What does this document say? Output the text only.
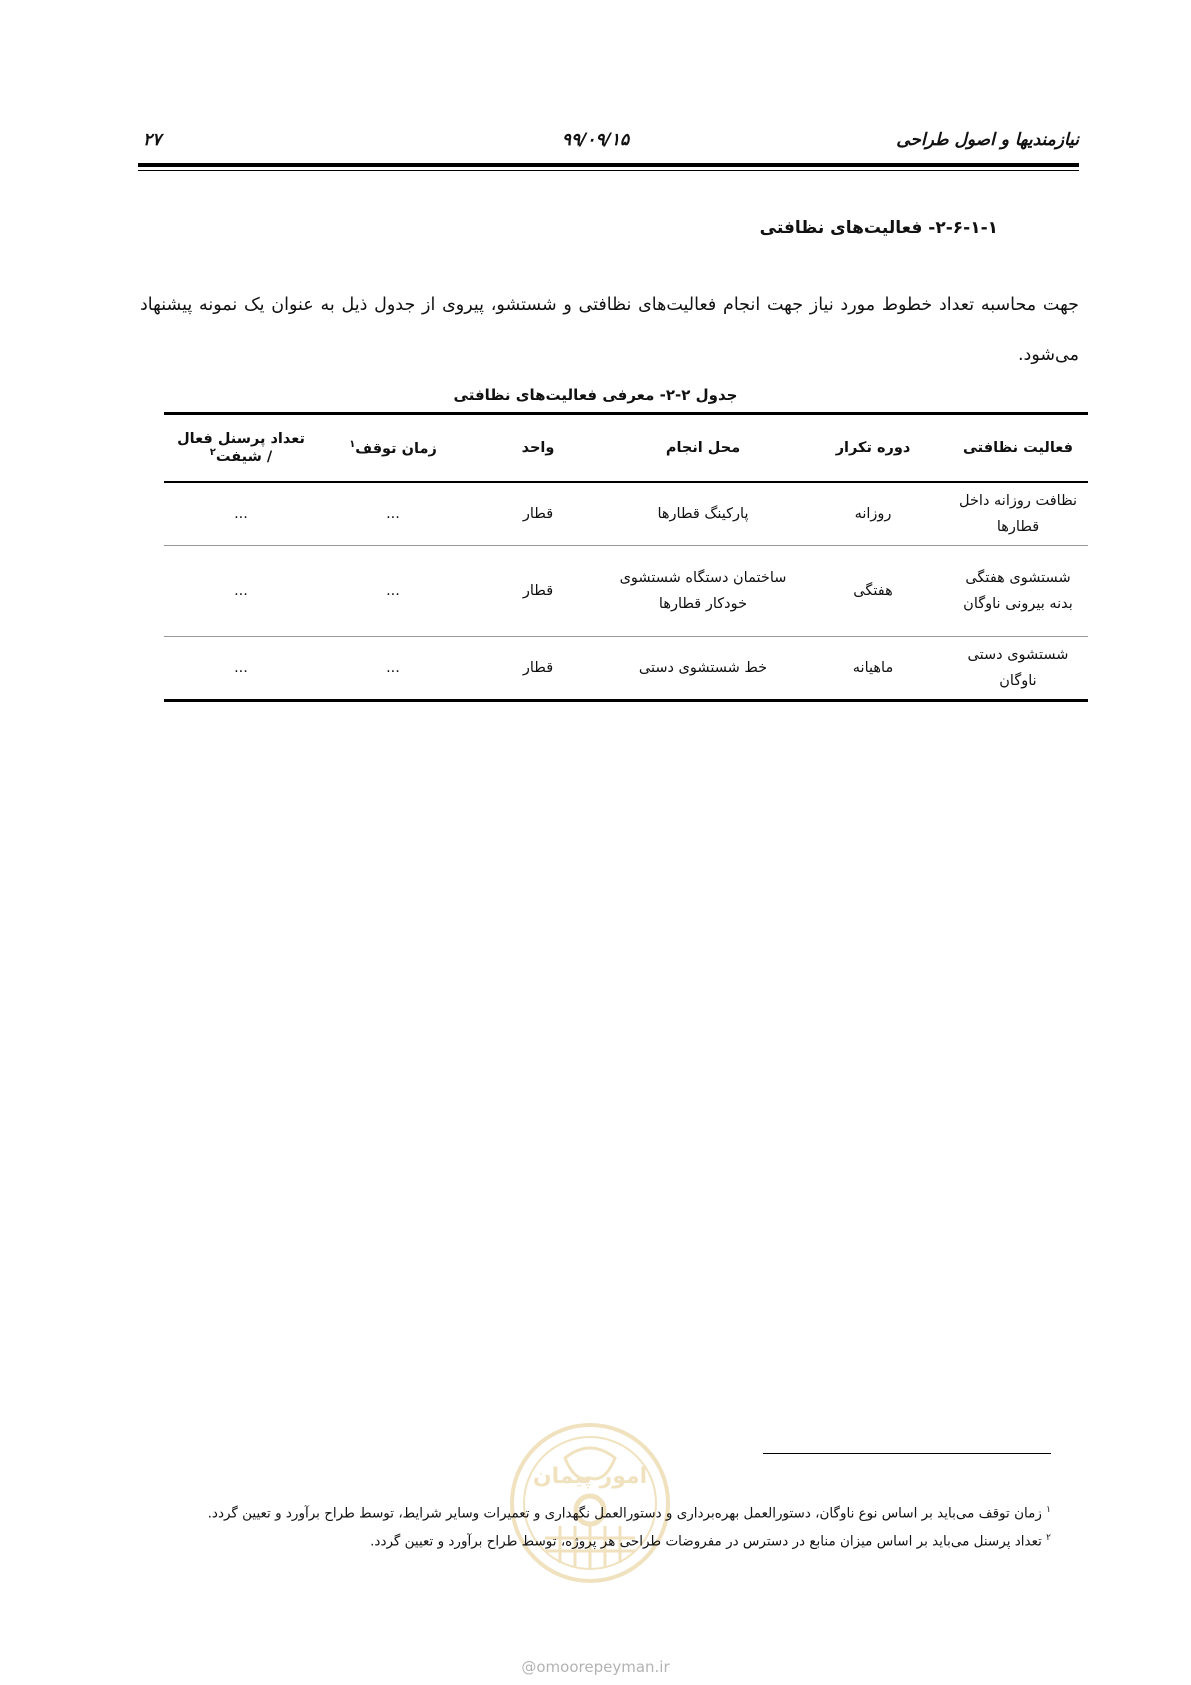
نیازمندیها و اصول طراحی
۹۹/۰۹/۱۵
۲۷
۲-۶-۱-۱- فعالیت‌های نظافتی

جهت محاسبه تعداد خطوط مورد نیاز جهت انجام فعالیت‌های نظافتی و شستشو، پیروی از جدول ذیل به عنوان یک نمونه پیشنهاد می‌شود.

جدول ۲-۲- معرفی فعالیت‌های نظافتی
فعالیت نظافتی	دوره تکرار	محل انجام	واحد	زمان توقف$^۱$	تعداد پرسنل فعال / شیفت$^۲$
نظافت روزانه داخل قطارها	روزانه	پارکینگ قطارها	قطار	...	...
شستشوی هفتگی بدنه بیرونی ناوگان	هفتگی	ساختمان دستگاه شستشوی خودکار قطارها	قطار	...	...
شستشوی دستی ناوگان	ماهیانه	خط شستشوی دستی	قطار	...	...
امور پیمان
$^۱$ زمان توقف می‌باید بر اساس نوع ناوگان، دستورالعمل بهره‌برداری و دستورالعمل نگهداری و تعمیرات وسایر شرایط، توسط طراح برآورد و تعیین گردد.
$^۲$ تعداد پرسنل می‌باید بر اساس میزان منابع در دسترس در مفروضات طراحی هر پروژه، توسط طراح برآورد و تعیین گردد.
@omoorepeyman.ir
